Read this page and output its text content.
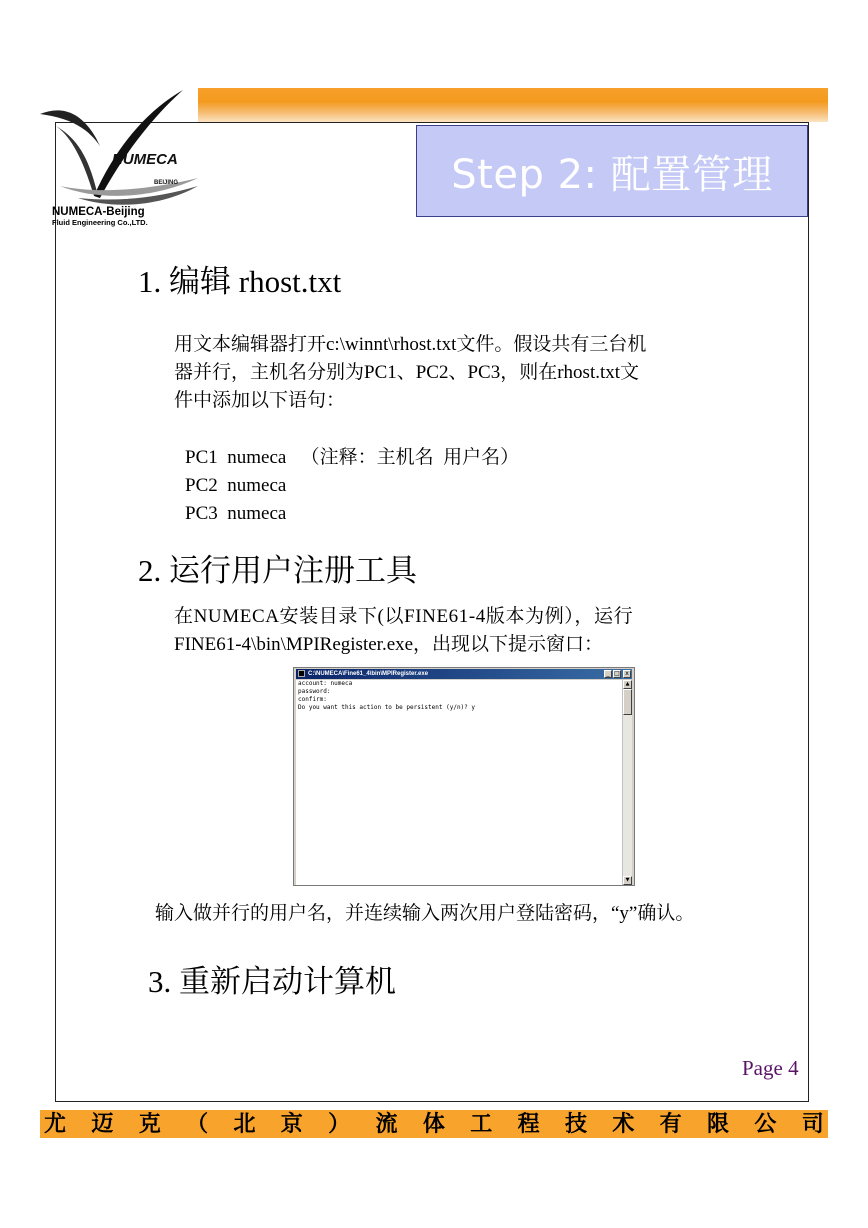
NUMECA
BEIJING
NUMECA-Beijing
Fluid Engineering Co.,LTD.
Step 2: 配置管理
1. 编辑 rhost.txt
用文本编辑器打开c:\winnt\rhost.txt文件。假设共有三台机
器并行，主机名分别为PC1、PC2、PC3，则在rhost.txt文
件中添加以下语句：
PC1  numeca   （注释：主机名  用户名）
PC2  numeca
PC3  numeca
2. 运行用户注册工具
在NUMECA安装目录下(以FINE61-4版本为例），运行
FINE61-4\bin\MPIRegister.exe，出现以下提示窗口：
C:\NUMECA\Fine61_4\bin\MPIRegister.exe	_ □ x
account: numeca
password:
confirm:
Do you want this action to be persistent (y/n)? y
▲
▼
输入做并行的用户名，并连续输入两次用户登陆密码，“y”确认。
3. 重新启动计算机
Page 4
尤 迈 克 （ 北 京 ） 流 体 工 程 技 术 有 限 公 司
